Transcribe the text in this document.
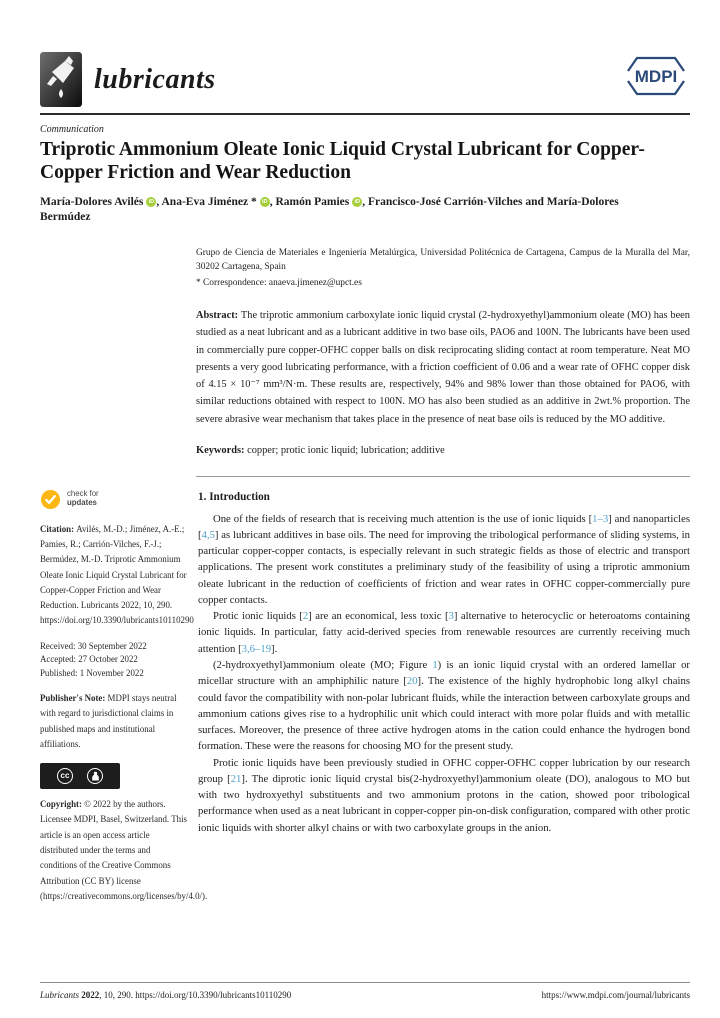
lubricants	MDPI
Communication
Triprotic Ammonium Oleate Ionic Liquid Crystal Lubricant for Copper-Copper Friction and Wear Reduction
María-Dolores Avilés iD , Ana-Eva Jiménez * iD , Ramón Pamies iD , Francisco-José Carrión-Vilches and María-Dolores Bermúdez
Grupo de Ciencia de Materiales e Ingeniería Metalúrgica, Universidad Politécnica de Cartagena, Campus de la Muralla del Mar, 30202 Cartagena, Spain
* Correspondence: anaeva.jimenez@upct.es
Abstract: The triprotic ammonium carboxylate ionic liquid crystal (2-hydroxyethyl)ammonium oleate (MO) has been studied as a neat lubricant and as a lubricant additive in two base oils, PAO6 and 100N. The lubricants have been used in commercially pure copper-OFHC copper balls on disk reciprocating sliding contact at room temperature. Neat MO presents a very good lubricating performance, with a friction coefficient of 0.06 and a wear rate of OFHC copper disk of 4.15 × 10⁻⁷ mm³/N·m. These results are, respectively, 94% and 98% lower than those obtained for PAO6, with similar reductions obtained with respect to 100N. MO has also been studied as an additive in 2wt.% proportion. The severe abrasive wear mechanism that takes place in the presence of neat base oils is reduced by the MO additive.
Keywords: copper; protic ionic liquid; lubrication; additive
check for
updates
Citation: Avilés, M.-D.; Jiménez, A.-E.; Pamies, R.; Carrión-Vilches, F.-J.; Bermúdez, M.-D. Triprotic Ammonium Oleate Ionic Liquid Crystal Lubricant for Copper-Copper Friction and Wear Reduction. Lubricants 2022, 10, 290. https://doi.org/10.3390/lubricants10110290
Received: 30 September 2022
Accepted: 27 October 2022
Published: 1 November 2022
Publisher's Note: MDPI stays neutral with regard to jurisdictional claims in published maps and institutional affiliations.
cc
Copyright: © 2022 by the authors. Licensee MDPI, Basel, Switzerland. This article is an open access article distributed under the terms and conditions of the Creative Commons Attribution (CC BY) license (https://creativecommons.org/licenses/by/4.0/).
1. Introduction

One of the fields of research that is receiving much attention is the use of ionic liquids [1–3] and nanoparticles [4,5] as lubricant additives in base oils. The need for improving the tribological performance of sliding systems, in particular copper-copper contacts, is especially relevant in such strategic fields as those of electric and transport applications. The present work constitutes a preliminary study of the feasibility of using a triprotic ammonium oleate lubricant in the reduction of coefficients of friction and wear rates in OFHC copper-commercially pure copper contacts.

Protic ionic liquids [2] are an economical, less toxic [3] alternative to heterocyclic or heteroatoms containing ionic liquids. In particular, fatty acid-derived species from renewable resources are currently receiving much attention [3,6–19].

(2-hydroxyethyl)ammonium oleate (MO; Figure 1) is an ionic liquid crystal with an ordered lamellar or micellar structure with an amphiphilic nature [20]. The existence of the highly hydrophobic long alkyl chains could favor the compatibility with non-polar lubricant fluids, while the interaction between carboxylate groups and ammonium cations gives rise to a hydrophilic unit which could interact with more polar fluids and with metallic surfaces. Moreover, the presence of three active hydrogen atoms in the cation could enhance the hydrogen bond formation. These were the reasons for choosing MO for the present study.

Protic ionic liquids have been previously studied in OFHC copper-OFHC copper lubrication by our research group [21]. The diprotic ionic liquid crystal bis(2-hydroxyethyl)ammonium oleate (DO), analogous to MO but with two hydroxyethyl substituents and two ammonium protons in the cation, showed poor tribological performance when used as a neat lubricant in copper-copper pin-on-disk configuration, compared with other protic ionic liquids with shorter alkyl chains or with two carboxylate groups in the anion.

Lubricants 2022, 10, 290. https://doi.org/10.3390/lubricants10110290	https://www.mdpi.com/journal/lubricants
